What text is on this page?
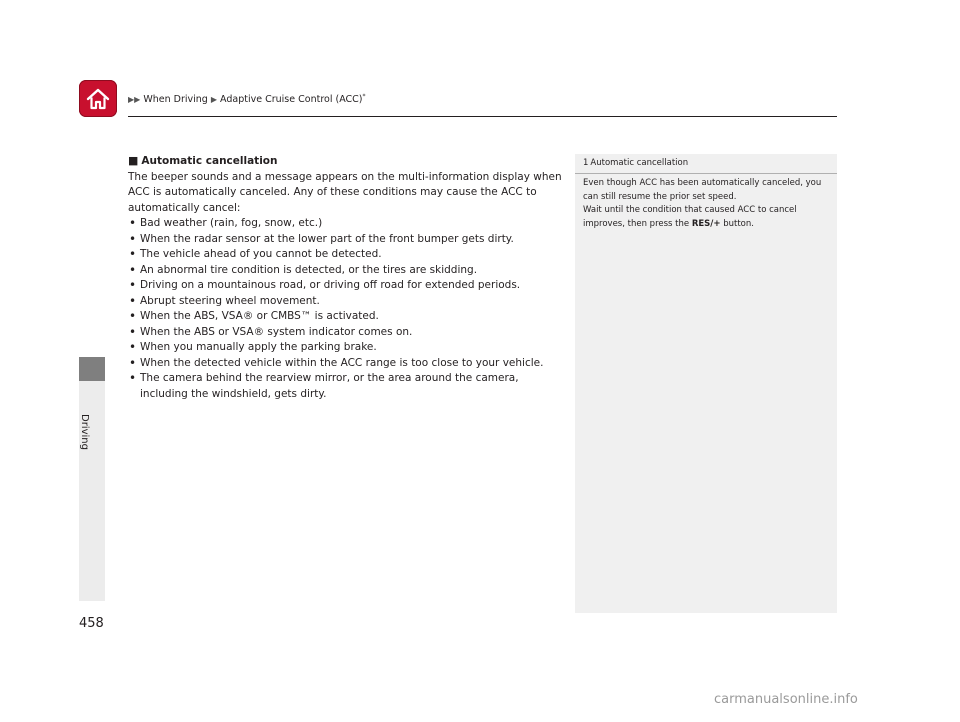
▶▶ When Driving ▶ Adaptive Cruise Control (ACC)*
Driving
458

■ Automatic cancellation

The beeper sounds and a message appears on the multi-information display when ACC is automatically canceled. Any of these conditions may cause the ACC to automatically cancel:

• Bad weather (rain, fog, snow, etc.)
• When the radar sensor at the lower part of the front bumper gets dirty.
• The vehicle ahead of you cannot be detected.
• An abnormal tire condition is detected, or the tires are skidding.
• Driving on a mountainous road, or driving off road for extended periods.
• Abrupt steering wheel movement.
• When the ABS, VSA® or CMBS™ is activated.
• When the ABS or VSA® system indicator comes on.
• When you manually apply the parking brake.
• When the detected vehicle within the ACC range is too close to your vehicle.
• The camera behind the rearview mirror, or the area around the camera, including the windshield, gets dirty.
1 Automatic cancellation

Even though ACC has been automatically canceled, you can still resume the prior set speed.

Wait until the condition that caused ACC to cancel improves, then press the RES/+ button.

carmanualsonline.info
